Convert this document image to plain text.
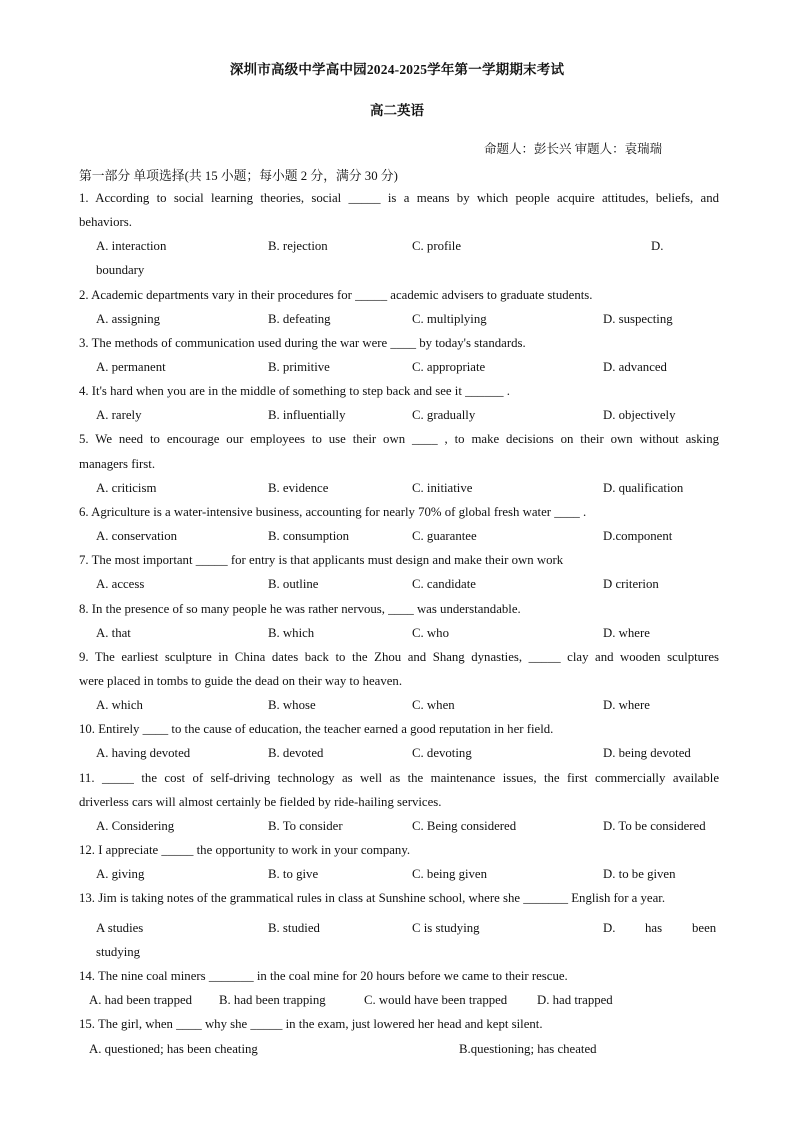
深圳市高级中学高中园2024-2025学年第一学期期末考试
高二英语
命题人：彭长兴 审题人：袁瑞瑞
第一部分 单项选择(共 15 小题；每小题 2 分，满分 30 分)
1. According to social learning theories, social _____ is a means by which people acquire attitudes, beliefs, and
behaviors.
A. interaction	B. rejection	C. profile	D.
boundary
2. Academic departments vary in their procedures for _____ academic advisers to graduate students.
A. assigning	B. defeating	C. multiplying	D. suspecting
3. The methods of communication used during the war were ____ by today's standards.
A. permanent	B. primitive	C. appropriate	D. advanced
4. It's hard when you are in the middle of something to step back and see it ______ .
A. rarely	B. influentially	C. gradually	D. objectively
5. We need to encourage our employees to use their own ____ , to make decisions on their own without asking
managers first.
A. criticism	B. evidence	C. initiative	D. qualification
6. Agriculture is a water-intensive business, accounting for nearly 70% of global fresh water ____ .
A. conservation	B. consumption	C. guarantee	D.component
7. The most important _____ for entry is that applicants must design and make their own work
A. access	B. outline	C. candidate	D criterion
8. In the presence of so many people he was rather nervous, ____ was understandable.
A. that	B. which	C. who	D. where
9. The earliest sculpture in China dates back to the Zhou and Shang dynasties, _____ clay and wooden sculptures
were placed in tombs to guide the dead on their way to heaven.
A. which	B. whose	C. when	D. where
10. Entirely ____ to the cause of education, the teacher earned a good reputation in her field.
A. having devoted	B. devoted	C. devoting	D. being devoted
11. _____ the cost of self-driving technology as well as the maintenance issues, the first commercially available
driverless cars will almost certainly be fielded by ride-hailing services.
A. Considering	B. To consider	C. Being considered	D. To be considered
12. I appreciate _____ the opportunity to work in your company.
A. giving	B. to give	C. being given	D. to be given
13. Jim is taking notes of the grammatical rules in class at Sunshine school, where she _______ English for a year.
A studies	B. studied	C is studying	D. has been
studying
14. The nine coal miners _______ in the coal mine for 20 hours before we came to their rescue.
A. had been trapped B. had been trapping	C. would have been trapped D. had trapped
15. The girl, when ____ why she _____ in the exam, just lowered her head and kept silent.
A. questioned; has been cheating	B.questioning; has cheated
